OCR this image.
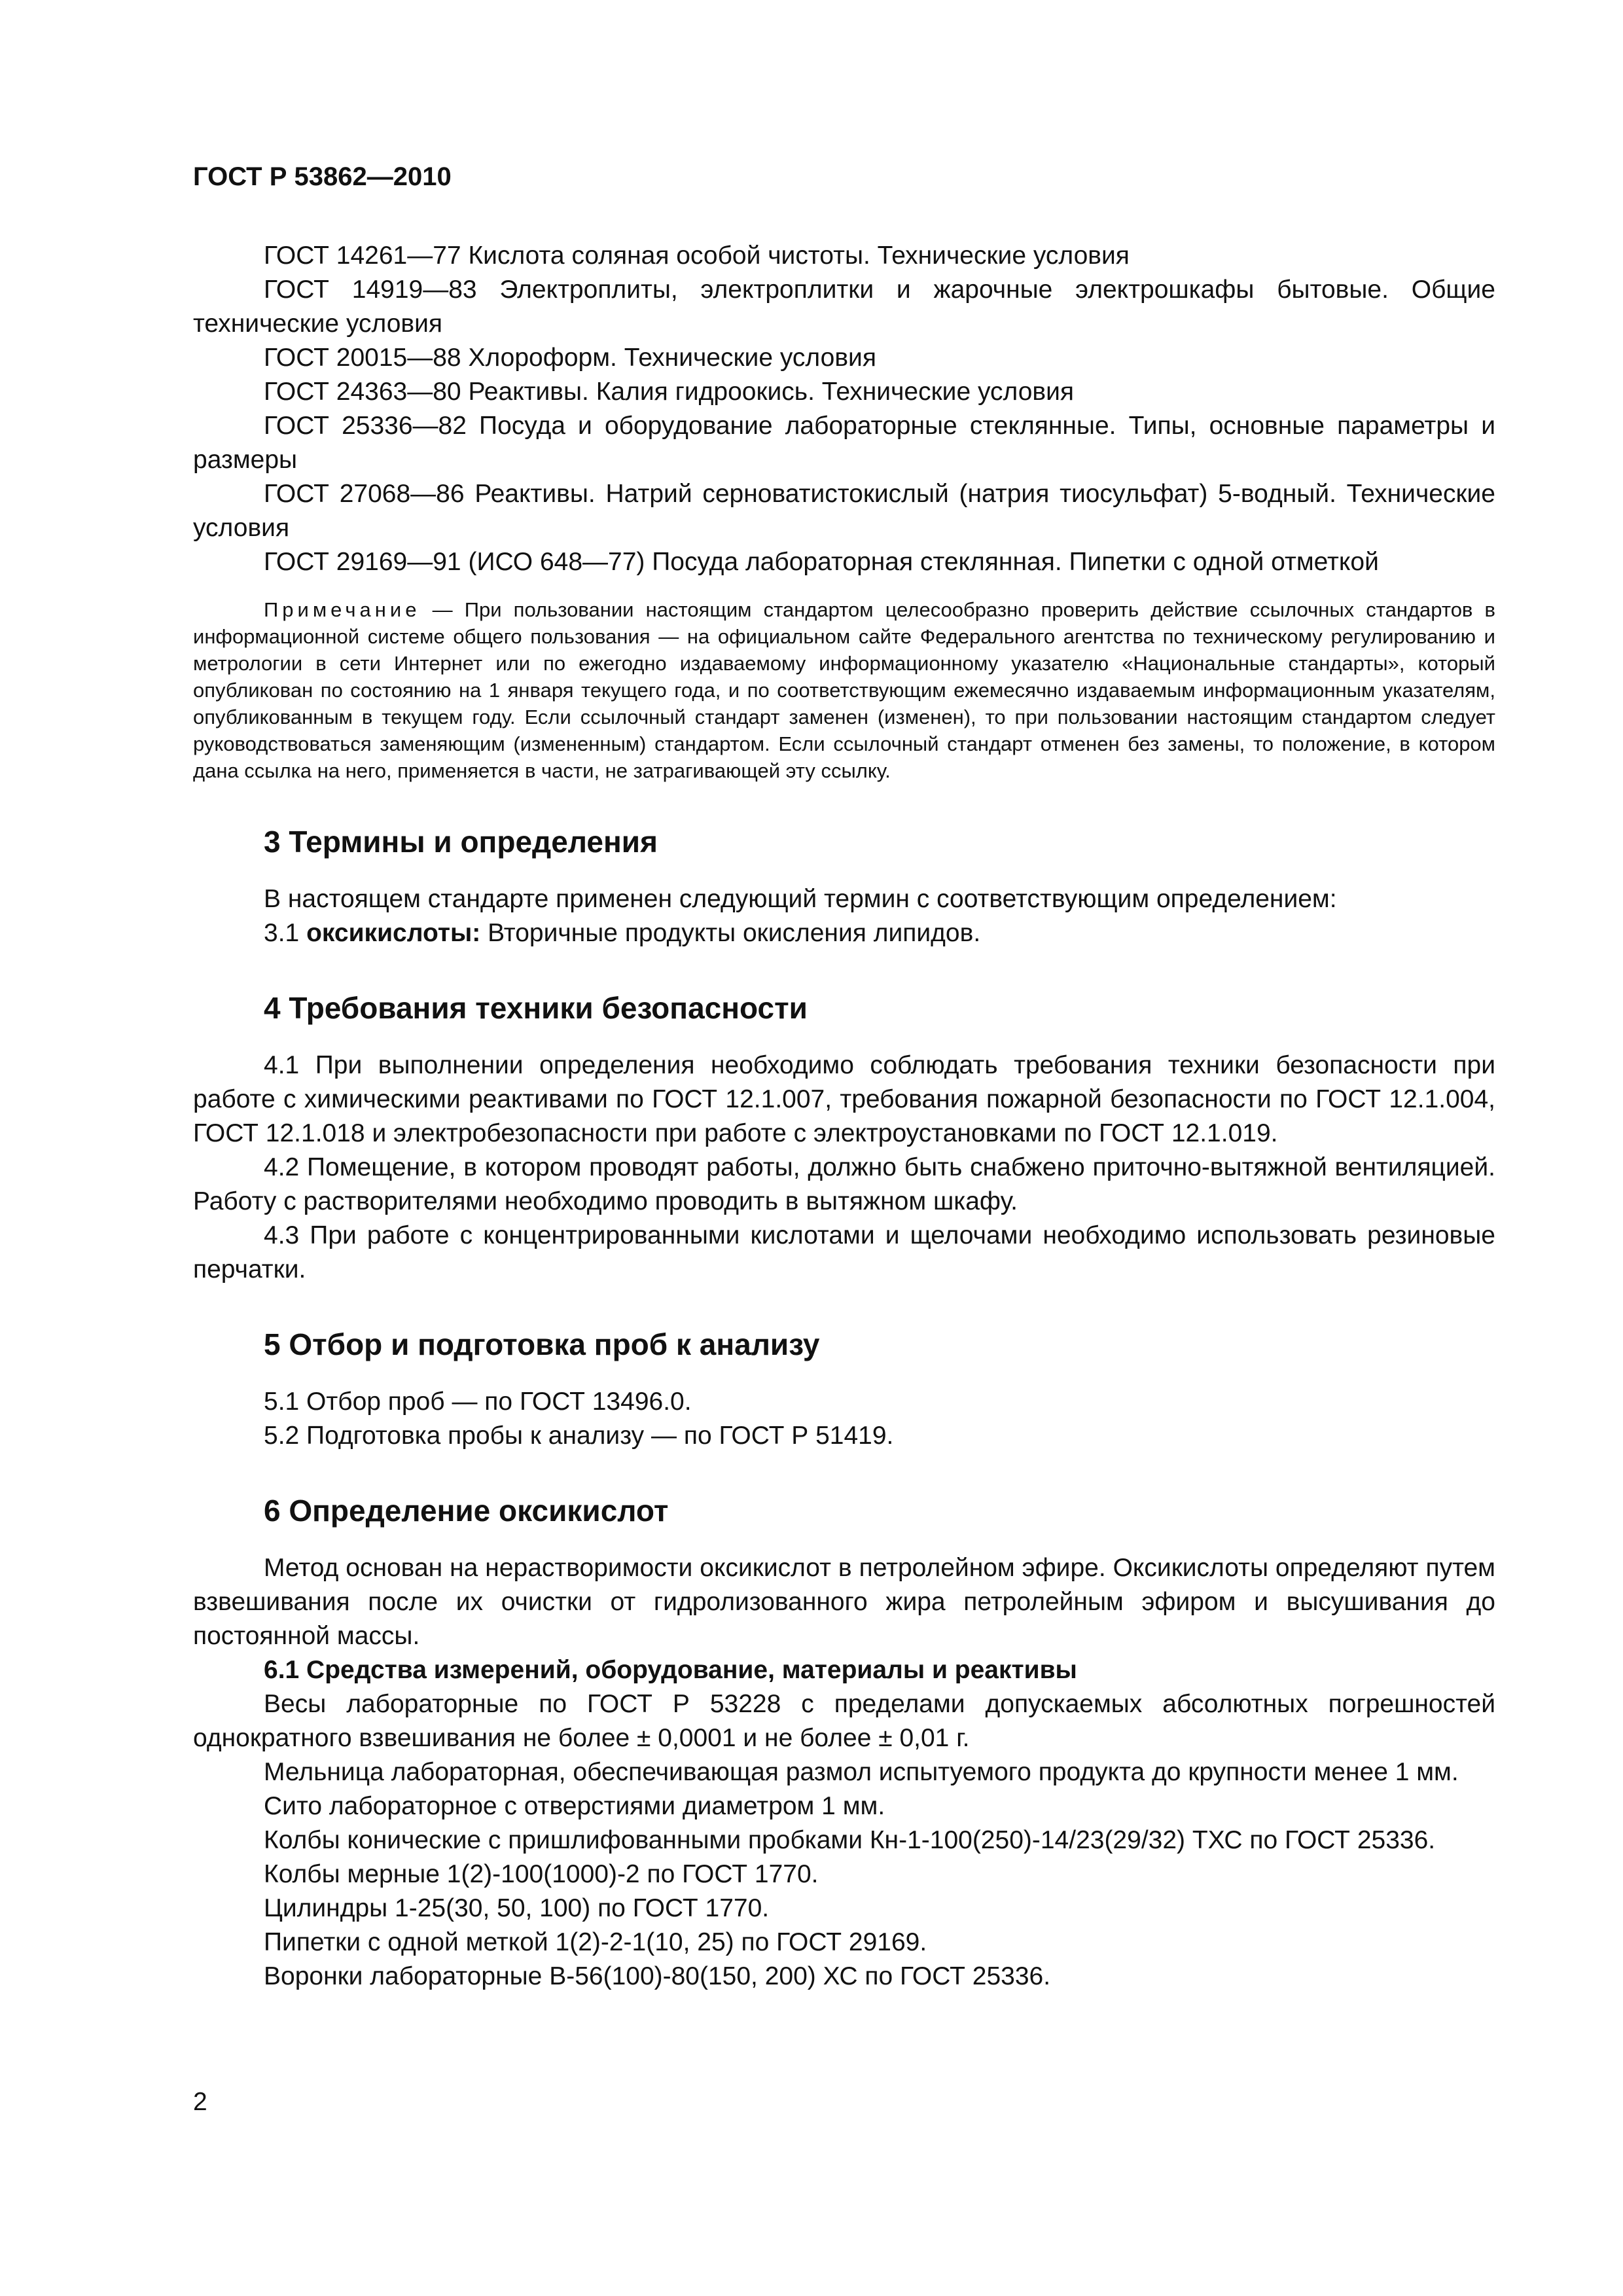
ГОСТ Р 53862—2010

ГОСТ 14261—77 Кислота соляная особой чистоты. Технические условия

ГОСТ 14919—83 Электроплиты, электроплитки и жарочные электрошкафы бытовые. Общие технические условия

ГОСТ 20015—88 Хлороформ. Технические условия

ГОСТ 24363—80 Реактивы. Калия гидроокись. Технические условия

ГОСТ 25336—82 Посуда и оборудование лабораторные стеклянные. Типы, основные параметры и размеры

ГОСТ 27068—86 Реактивы. Натрий серноватистокислый (натрия тиосульфат) 5-водный. Технические условия

ГОСТ 29169—91 (ИСО 648—77) Посуда лабораторная стеклянная. Пипетки с одной отметкой

Примечание — При пользовании настоящим стандартом целесообразно проверить действие ссылочных стандартов в информационной системе общего пользования — на официальном сайте Федерального агентства по техническому регулированию и метрологии в сети Интернет или по ежегодно издаваемому информационному указателю «Национальные стандарты», который опубликован по состоянию на 1 января текущего года, и по соответствующим ежемесячно издаваемым информационным указателям, опубликованным в текущем году. Если ссылочный стандарт заменен (изменен), то при пользовании настоящим стандартом следует руководствоваться заменяющим (измененным) стандартом. Если ссылочный стандарт отменен без замены, то положение, в котором дана ссылка на него, применяется в части, не затрагивающей эту ссылку.

3 Термины и определения

В настоящем стандарте применен следующий термин с соответствующим определением:

3.1 оксикислоты: Вторичные продукты окисления липидов.

4 Требования техники безопасности

4.1 При выполнении определения необходимо соблюдать требования техники безопасности при работе с химическими реактивами по ГОСТ 12.1.007, требования пожарной безопасности по ГОСТ 12.1.004, ГОСТ 12.1.018 и электробезопасности при работе с электроустановками по ГОСТ 12.1.019.

4.2 Помещение, в котором проводят работы, должно быть снабжено приточно-вытяжной вентиляцией. Работу с растворителями необходимо проводить в вытяжном шкафу.

4.3 При работе с концентрированными кислотами и щелочами необходимо использовать резиновые перчатки.

5 Отбор и подготовка проб к анализу

5.1 Отбор проб — по ГОСТ 13496.0.

5.2 Подготовка пробы к анализу — по ГОСТ Р 51419.

6 Определение оксикислот

Метод основан на нерастворимости оксикислот в петролейном эфире. Оксикислоты определяют путем взвешивания после их очистки от гидролизованного жира петролейным эфиром и высушивания до постоянной массы.

6.1 Средства измерений, оборудование, материалы и реактивы

Весы лабораторные по ГОСТ Р 53228 с пределами допускаемых абсолютных погрешностей однократного взвешивания не более ± 0,0001 и не более ± 0,01 г.

Мельница лабораторная, обеспечивающая размол испытуемого продукта до крупности менее 1 мм.

Сито лабораторное с отверстиями диаметром 1 мм.

Колбы конические с пришлифованными пробками Кн-1-100(250)-14/23(29/32) ТХС по ГОСТ 25336.

Колбы мерные 1(2)-100(1000)-2 по ГОСТ 1770.

Цилиндры 1-25(30, 50, 100) по ГОСТ 1770.

Пипетки с одной меткой 1(2)-2-1(10, 25) по ГОСТ 29169.

Воронки лабораторные В-56(100)-80(150, 200) ХС по ГОСТ 25336.

2
